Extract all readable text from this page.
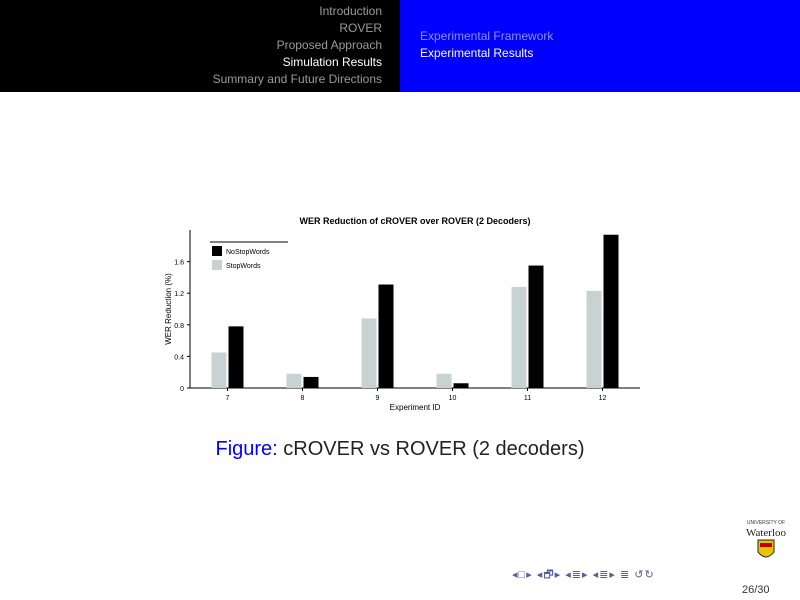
Introduction
ROVER
Proposed Approach
Simulation Results
Summary and Future Directions
Experimental Framework
Experimental Results
WER Reduction of cROVER over ROVER (2 Decoders)
0
0.4
0.8
1.2
1.6
WER Reduction (%)
7	8	9	10	11	12
Experiment ID
NoStopWords
StopWords
Figure: cROVER vs ROVER (2 decoders)
UNIVERSITY OF
Waterloo
◂□▸ ◂🗗▸ ◂≣▸ ◂≣▸ ≣ ↺↻
26/30
